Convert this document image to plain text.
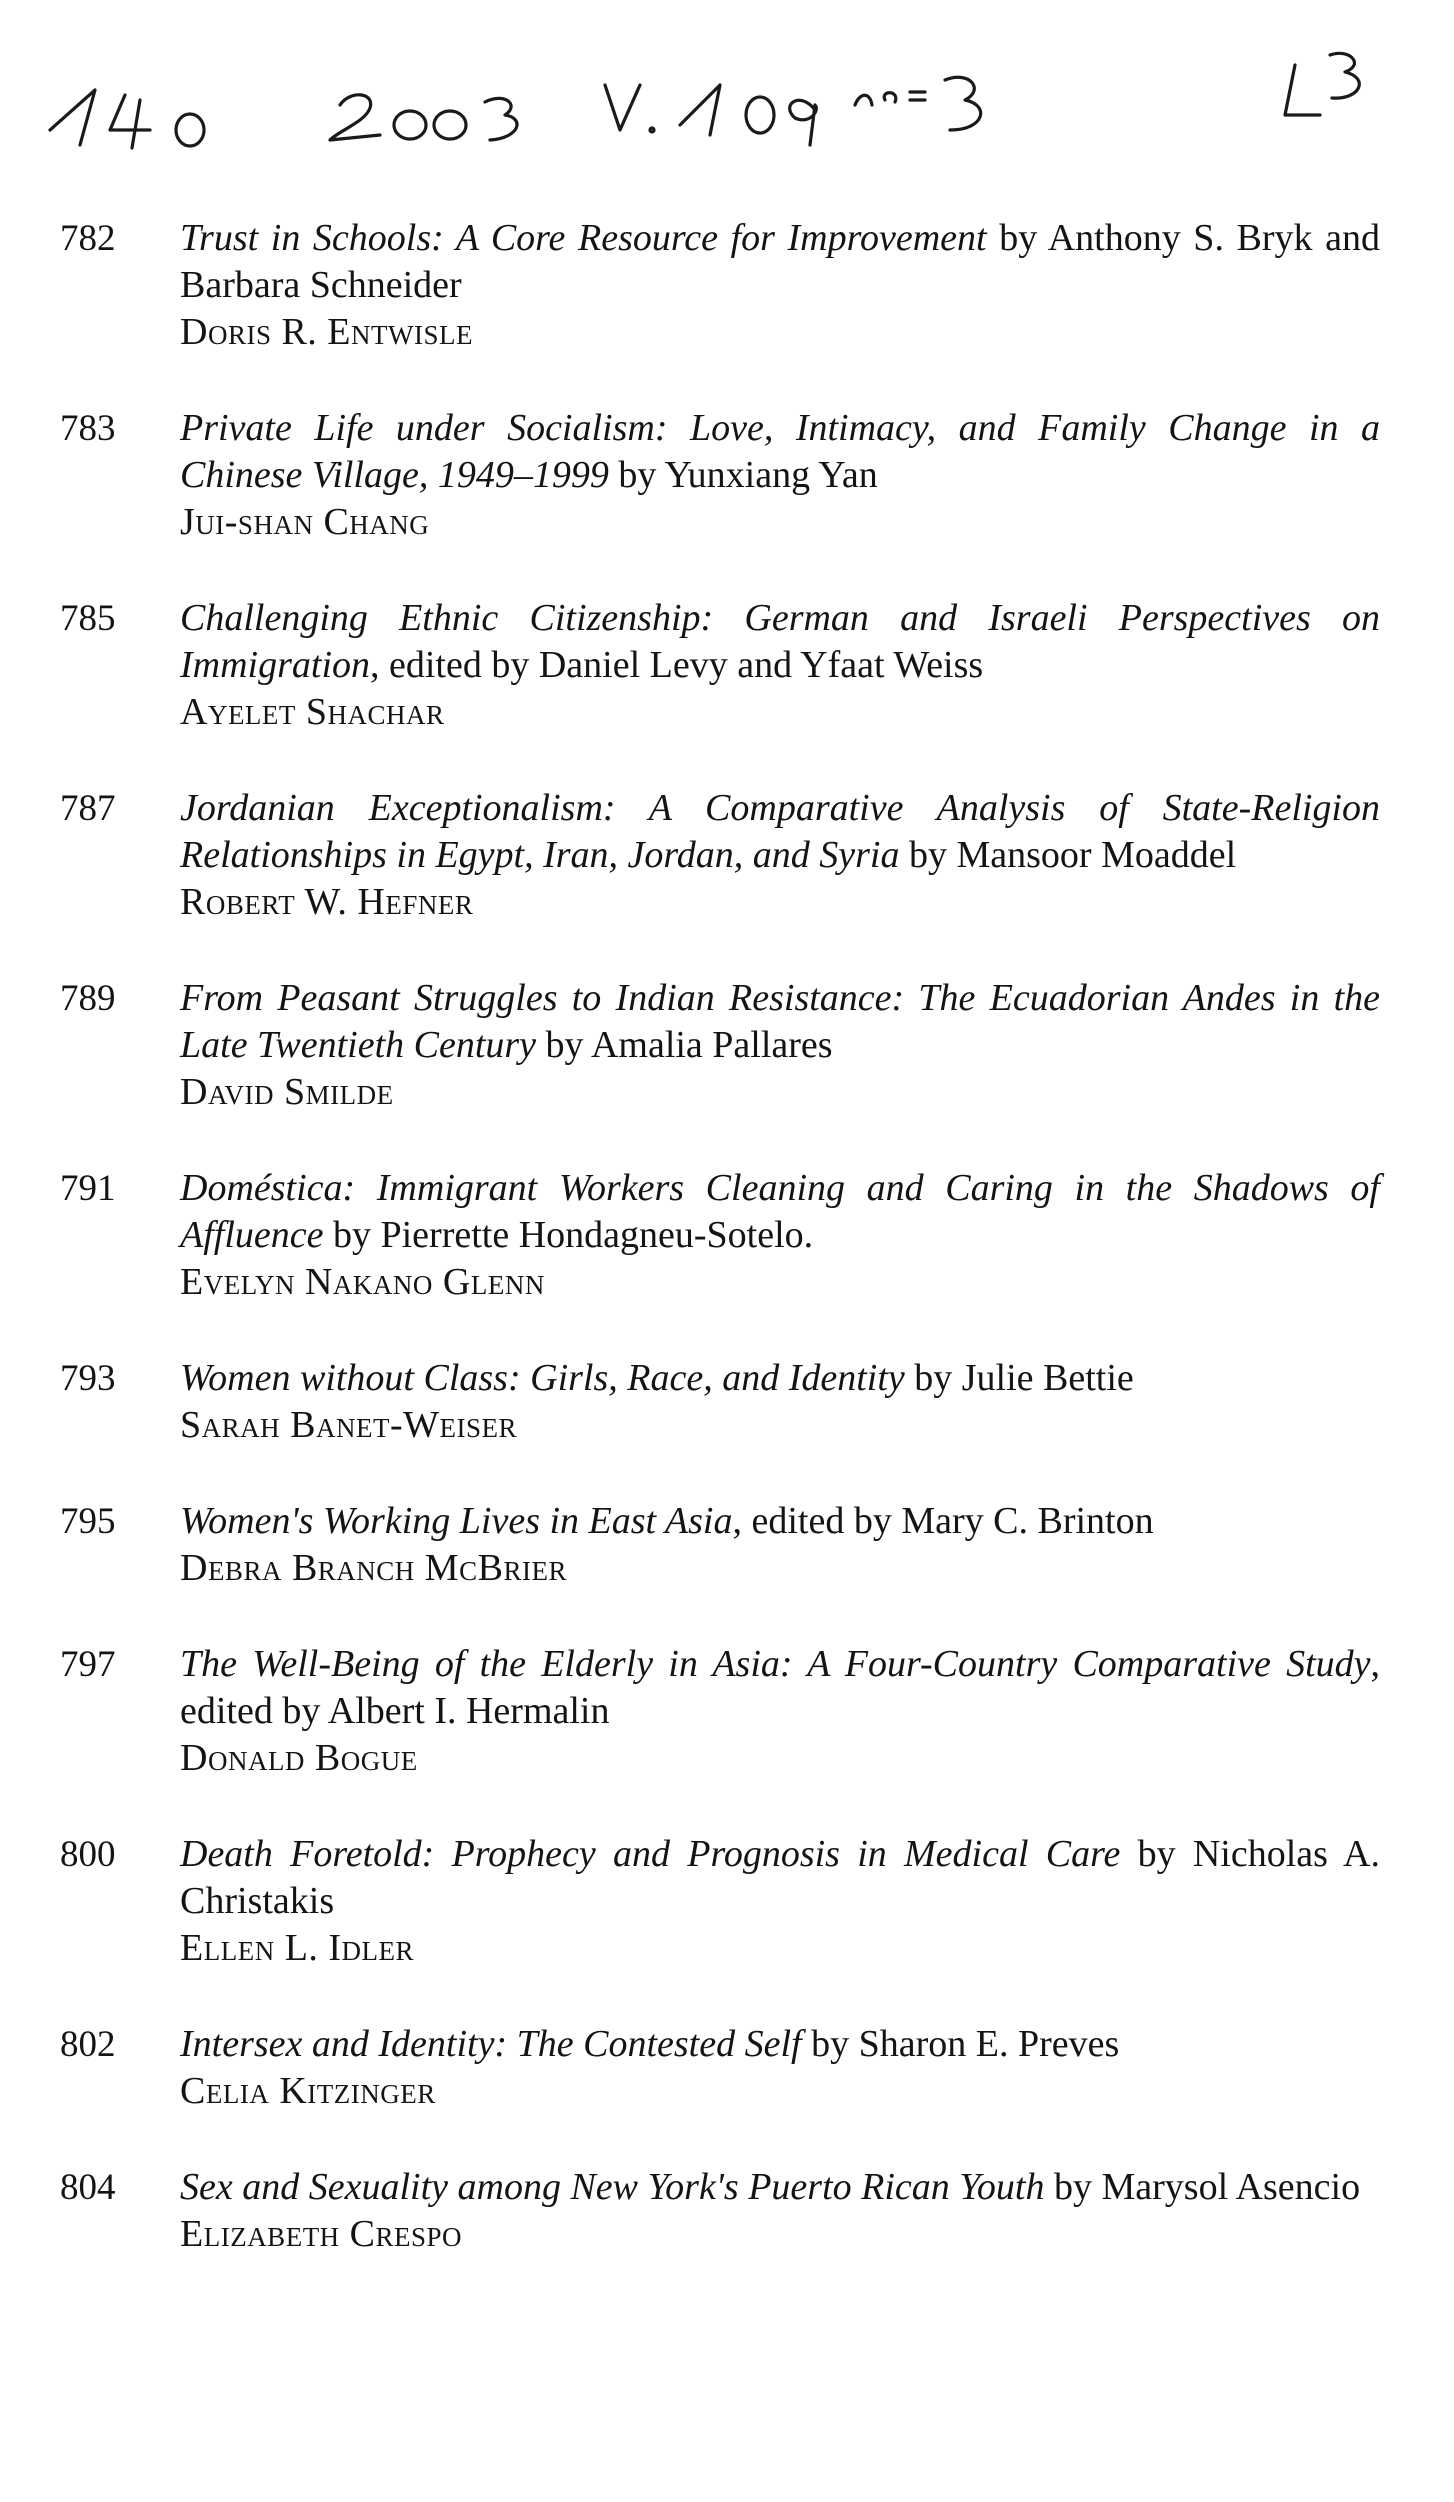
782	Trust in Schools: A Core Resource for Improvement by Anthony S. Bryk and Barbara Schneider
Doris R. Entwisle
783	Private Life under Socialism: Love, Intimacy, and Family Change in a Chinese Village, 1949–1999 by Yunxiang Yan
Jui-shan Chang
785	Challenging Ethnic Citizenship: German and Israeli Perspectives on Immigration, edited by Daniel Levy and Yfaat Weiss
Ayelet Shachar
787	Jordanian Exceptionalism: A Comparative Analysis of State-Religion Relationships in Egypt, Iran, Jordan, and Syria by Mansoor Moaddel
Robert W. Hefner
789	From Peasant Struggles to Indian Resistance: The Ecuadorian Andes in the Late Twentieth Century by Amalia Pallares
David Smilde
791	Doméstica: Immigrant Workers Cleaning and Caring in the Shadows of Affluence by Pierrette Hondagneu-Sotelo.
Evelyn Nakano Glenn
793	Women without Class: Girls, Race, and Identity by Julie Bettie
Sarah Banet-Weiser
795	Women's Working Lives in East Asia, edited by Mary C. Brinton
Debra Branch McBrier
797	The Well-Being of the Elderly in Asia: A Four-Country Comparative Study, edited by Albert I. Hermalin
Donald Bogue
800	Death Foretold: Prophecy and Prognosis in Medical Care by Nicholas A. Christakis
Ellen L. Idler
802	Intersex and Identity: The Contested Self by Sharon E. Preves
Celia Kitzinger
804	Sex and Sexuality among New York's Puerto Rican Youth by Marysol Asencio
Elizabeth Crespo
